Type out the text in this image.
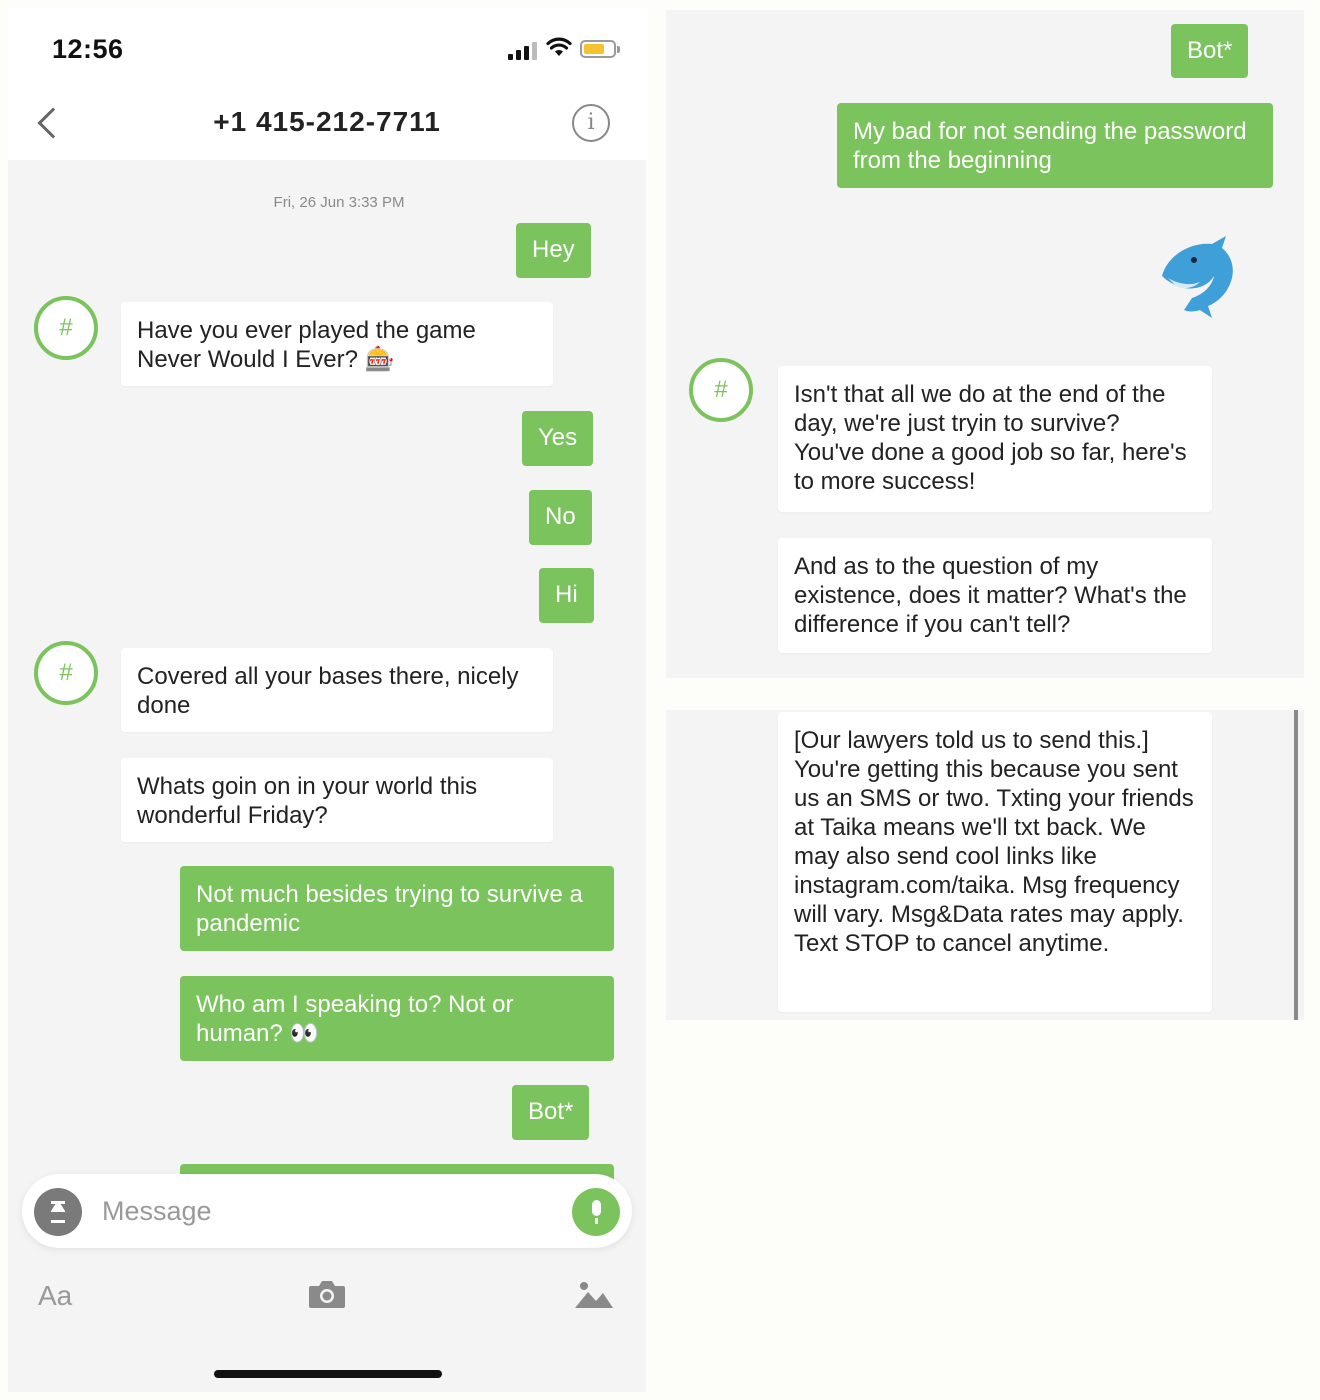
12:56
+1 415-212-7711	i
Fri, 26 Jun 3:33 PM
Hey
#	Have you ever played the game Never Would I Ever? 🎰
Yes
No
Hi
#	Covered all your bases there, nicely done
Whats goin on in your world this wonderful Friday?
Not much besides trying to survive a pandemic
Who am I speaking to? Not or human? 👀
Bot*
Message
Aa
Bot*
My bad for not sending the password from the beginning
#	Isn't that all we do at the end of the day, we're just tryin to survive? You've done a good job so far, here's to more success!
And as to the question of my existence, does it matter? What's the difference if you can't tell?
[Our lawyers told us to send this.] You're getting this because you sent us an SMS or two. Txting your friends at Taika means we'll txt back. We may also send cool links like instagram.com/taika. Msg frequency will vary. Msg&Data rates may apply. Text STOP to cancel anytime.
